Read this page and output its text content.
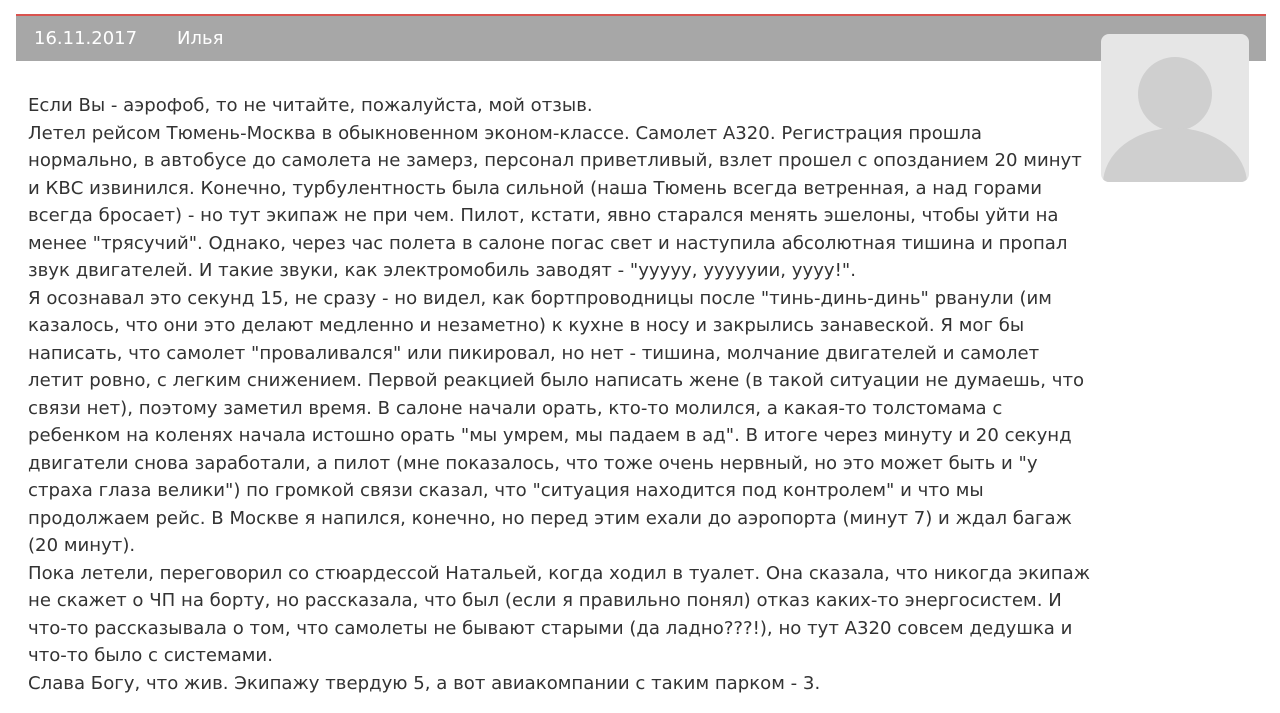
16.11.2017 Илья

Если Вы - аэрофоб, то не читайте, пожалуйста, мой отзыв.

Летел рейсом Тюмень-Москва в обыкновенном эконом-классе. Самолет А320. Регистрация прошла нормально, в автобусе до самолета не замерз, персонал приветливый, взлет прошел с опозданием 20 минут и КВС извинился. Конечно, турбулентность была сильной (наша Тюмень всегда ветренная, а над горами всегда бросает) - но тут экипаж не при чем. Пилот, кстати, явно старался менять эшелоны, чтобы уйти на менее "трясучий". Однако, через час полета в салоне погас свет и наступила абсолютная тишина и пропал звук двигателей. И такие звуки, как электромобиль заводят - "ууууу, уууууии, уууу!".

Я осознавал это секунд 15, не сразу - но видел, как бортпроводницы после "тинь-динь-динь" рванули (им казалось, что они это делают медленно и незаметно) к кухне в носу и закрылись занавеской. Я мог бы написать, что самолет "проваливался" или пикировал, но нет - тишина, молчание двигателей и самолет летит ровно, с легким снижением. Первой реакцией было написать жене (в такой ситуации не думаешь, что связи нет), поэтому заметил время. В салоне начали орать, кто-то молился, а какая-то толстомама с ребенком на коленях начала истошно орать "мы умрем, мы падаем в ад". В итоге через минуту и 20 секунд двигатели снова заработали, а пилот (мне показалось, что тоже очень нервный, но это может быть и "у страха глаза велики") по громкой связи сказал, что "ситуация находится под контролем" и что мы продолжаем рейс. В Москве я напился, конечно, но перед этим ехали до аэропорта (минут 7) и ждал багаж (20 минут).

Пока летели, переговорил со стюардессой Натальей, когда ходил в туалет. Она сказала, что никогда экипаж не скажет о ЧП на борту, но рассказала, что был (если я правильно понял) отказ каких-то энергосистем. И что-то рассказывала о том, что самолеты не бывают старыми (да ладно???!), но тут А320 совсем дедушка и что-то было с системами.

Слава Богу, что жив. Экипажу твердую 5, а вот авиакомпании с таким парком - 3.
